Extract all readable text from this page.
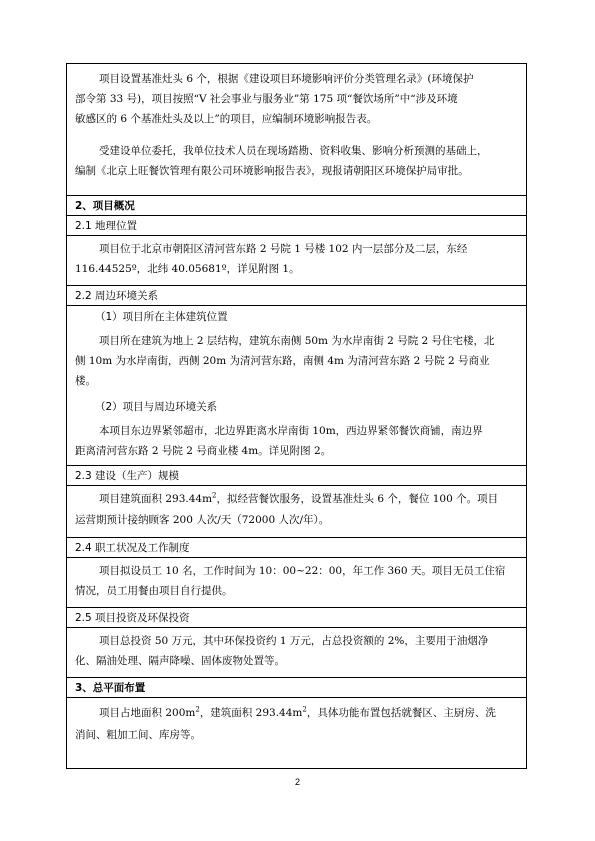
项目设置基准灶头 6 个，根据《建设项目环境影响评价分类管理名录》(环境保护
部令第 33 号)，项目按照“V 社会事业与服务业”第 175 项“餐饮场所”中“涉及环境
敏感区的 6 个基准灶头及以上”的项目，应编制环境影响报告表。
受建设单位委托，我单位技术人员在现场踏勘、资料收集、影响分析预测的基础上，
编制《北京上旺餐饮管理有限公司环境影响报告表》，现报请朝阳区环境保护局审批。
2、项目概况
2.1 地理位置
项目位于北京市朝阳区清河营东路 2 号院 1 号楼 102 内一层部分及二层，东经
116.44525º，北纬 40.05681º，详见附图 1。
2.2 周边环境关系
（1）项目所在主体建筑位置
项目所在建筑为地上 2 层结构，建筑东南侧 50m 为水岸南街 2 号院 2 号住宅楼，北
侧 10m 为水岸南街，西侧 20m 为清河营东路，南侧 4m 为清河营东路 2 号院 2 号商业
楼。
（2）项目与周边环境关系
本项目东边界紧邻超市，北边界距离水岸南街 10m，西边界紧邻餐饮商铺，南边界
距离清河营东路 2 号院 2 号商业楼 4m。详见附图 2。
2.3 建设（生产）规模
项目建筑面积 $293.44m^2$，拟经营餐饮服务，设置基准灶头 6 个，餐位 100 个。项目
运营期预计接纳顾客 200 人次/天（72000 人次/年）。
2.4 职工状况及工作制度
项目拟设员工 10 名，工作时间为 10：00~22：00，年工作 360 天。项目无员工住宿
情况，员工用餐由项目自行提供。
2.5 项目投资及环保投资
项目总投资 50 万元，其中环保投资约 1 万元，占总投资额的 2%，主要用于油烟净
化、隔油处理、隔声降噪、固体废物处置等。
3、总平面布置
项目占地面积 $200m^2$，建筑面积 $293.44m^2$，具体功能布置包括就餐区、主厨房、洗
消间、粗加工间、库房等。
2
